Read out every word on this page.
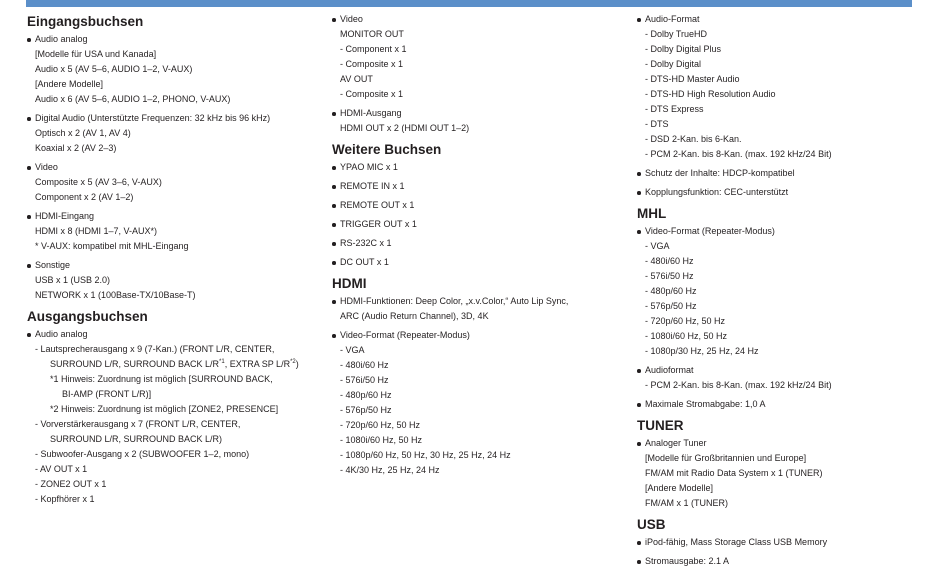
Eingangsbuchsen
Audio analog
[Modelle für USA und Kanada]
Audio x 5 (AV 5–6, AUDIO 1–2, V-AUX)
[Andere Modelle]
Audio x 6 (AV 5–6, AUDIO 1–2, PHONO, V-AUX)
Digital Audio (Unterstützte Frequenzen: 32 kHz bis 96 kHz)
Optisch x 2 (AV 1, AV 4)
Koaxial x 2 (AV 2–3)
Video
Composite x 5 (AV 3–6, V-AUX)
Component x 2 (AV 1–2)
HDMI-Eingang
HDMI x 8 (HDMI 1–7, V-AUX*)
* V-AUX: kompatibel mit MHL-Eingang
Sonstige
USB x 1 (USB 2.0)
NETWORK x 1 (100Base-TX/10Base-T)
Ausgangsbuchsen
Audio analog
- Lautsprecherausgang x 9 (7-Kan.) (FRONT L/R, CENTER,
SURROUND L/R, SURROUND BACK $L/R^{*1}$, EXTRA SP $L/R^{*2}$)
*1 Hinweis: Zuordnung ist möglich [SURROUND BACK,
BI-AMP (FRONT L/R)]
*2 Hinweis: Zuordnung ist möglich [ZONE2, PRESENCE]
- Vorverstärkerausgang x 7 (FRONT L/R, CENTER,
SURROUND L/R, SURROUND BACK L/R)
- Subwoofer-Ausgang x 2 (SUBWOOFER 1–2, mono)
- AV OUT x 1
- ZONE2 OUT x 1
- Kopfhörer x 1
Video
MONITOR OUT
- Component x 1
- Composite x 1
AV OUT
- Composite x 1
HDMI-Ausgang
HDMI OUT x 2 (HDMI OUT 1–2)
Weitere Buchsen
YPAO MIC x 1
REMOTE IN x 1
REMOTE OUT x 1
TRIGGER OUT x 1
RS-232C x 1
DC OUT x 1
HDMI
HDMI-Funktionen: Deep Color, „x.v.Color,“ Auto Lip Sync,
ARC (Audio Return Channel), 3D, 4K
Video-Format (Repeater-Modus)
- VGA
- 480i/60 Hz
- 576i/50 Hz
- 480p/60 Hz
- 576p/50 Hz
- 720p/60 Hz, 50 Hz
- 1080i/60 Hz, 50 Hz
- 1080p/60 Hz, 50 Hz, 30 Hz, 25 Hz, 24 Hz
- 4K/30 Hz, 25 Hz, 24 Hz
Audio-Format
- Dolby TrueHD
- Dolby Digital Plus
- Dolby Digital
- DTS-HD Master Audio
- DTS-HD High Resolution Audio
- DTS Express
- DTS
- DSD 2-Kan. bis 6-Kan.
- PCM 2-Kan. bis 8-Kan. (max. 192 kHz/24 Bit)
Schutz der Inhalte: HDCP-kompatibel
Kopplungsfunktion: CEC-unterstützt
MHL
Video-Format (Repeater-Modus)
- VGA
- 480i/60 Hz
- 576i/50 Hz
- 480p/60 Hz
- 576p/50 Hz
- 720p/60 Hz, 50 Hz
- 1080i/60 Hz, 50 Hz
- 1080p/30 Hz, 25 Hz, 24 Hz
Audioformat
- PCM 2-Kan. bis 8-Kan. (max. 192 kHz/24 Bit)
Maximale Stromabgabe: 1,0 A
TUNER
Analoger Tuner
[Modelle für Großbritannien und Europe]
FM/AM mit Radio Data System x 1 (TUNER)
[Andere Modelle]
FM/AM x 1 (TUNER)
USB
iPod-fähig, Mass Storage Class USB Memory
Stromausgabe: 2.1 A
